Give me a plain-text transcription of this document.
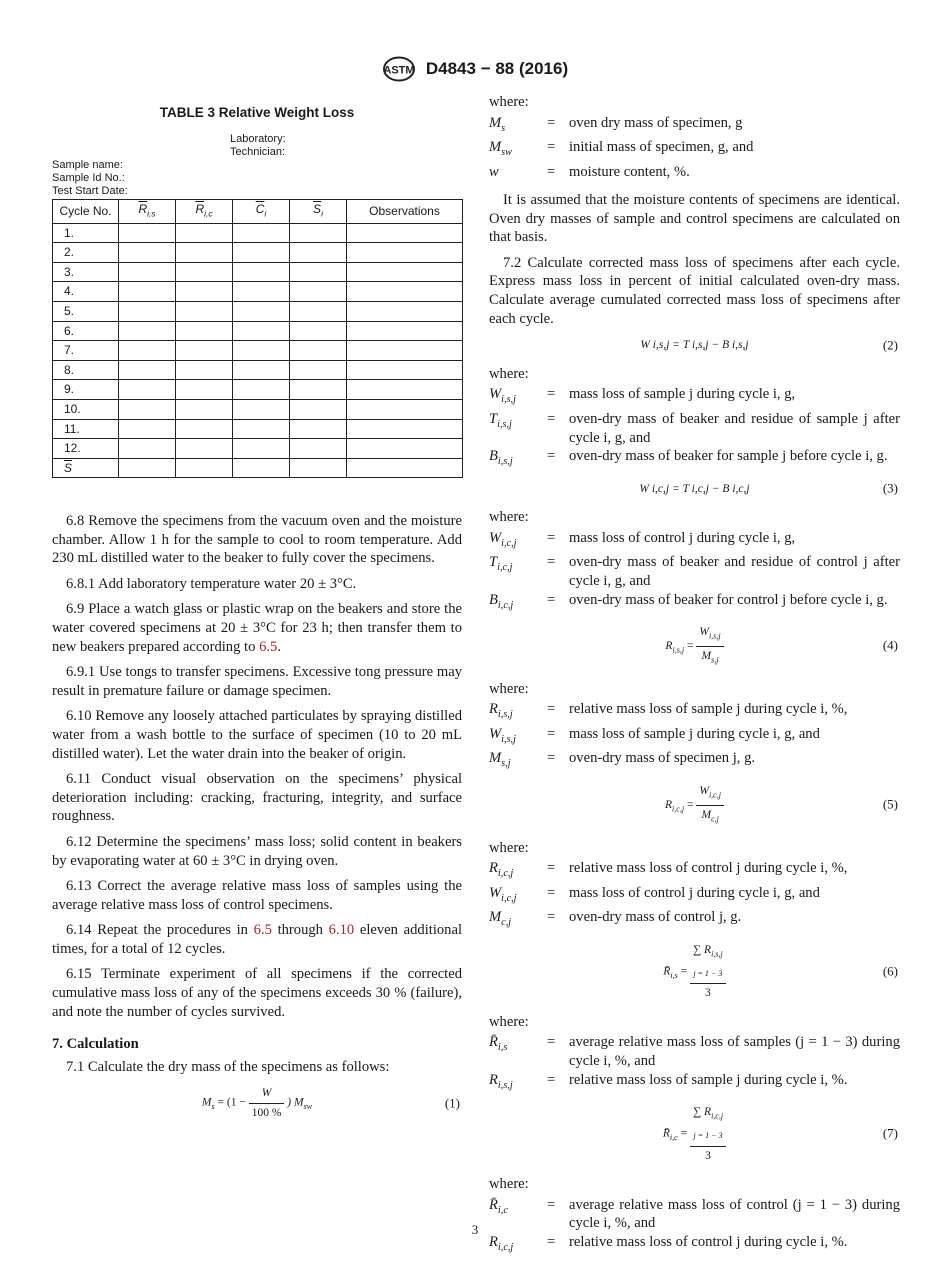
ASTM D4843 − 88 (2016)
TABLE 3 Relative Weight Loss
Laboratory:
Technician:
Sample name:
Sample Id No.:
Test Start Date:
Cycle No.	$\overline{R}_{i,s}$	$\overline{R}_{i,c}$	$\overline{C}_i$	$\overline{S}_i$	Observations
1.					
2.					
3.					
4.					
5.					
6.					
7.					
8.					
9.					
10.					
11.					
12.					
$\overline{S}$					

6.8 Remove the specimens from the vacuum oven and the moisture chamber. Allow 1 h for the sample to cool to room temperature. Add 230 mL distilled water to the beaker to fully cover the specimens.

6.8.1 Add laboratory temperature water 20 ± 3°C.

6.9 Place a watch glass or plastic wrap on the beakers and store the water covered specimens at 20 ± 3°C for 23 h; then transfer them to new beakers prepared according to 6.5.

6.9.1 Use tongs to transfer specimens. Excessive tong pressure may result in premature failure or damage specimen.

6.10 Remove any loosely attached particulates by spraying distilled water from a wash bottle to the surface of specimen (10 to 20 mL distilled water). Let the water drain into the beaker of origin.

6.11 Conduct visual observation on the specimens’ physical deterioration including: cracking, fracturing, integrity, and surface roughness.

6.12 Determine the specimens’ mass loss; solid content in beakers by evaporating water at 60 ± 3°C in drying oven.

6.13 Correct the average relative mass loss of samples using the average relative mass loss of control specimens.

6.14 Repeat the procedures in 6.5 through 6.10 eleven additional times, for a total of 12 cycles.

6.15 Terminate experiment of all specimens if the corrected cumulative mass loss of any of the specimens exceeds 30 % (failure), and note the number of cycles survived.

7. Calculation

7.1 Calculate the dry mass of the specimens as follows:

$M_s = (1 - \frac{W}{100 \%}$ ) $M_{sw}$	(1)
where:
$M_s$	= oven dry mass of specimen, g
$M_{sw}$	= initial mass of specimen, g, and
w	= moisture content, %.

It is assumed that the moisture contents of specimens are identical. Oven dry masses of sample and control specimens are calculated on that basis.

7.2 Calculate corrected mass loss of specimens after each cycle. Express mass loss in percent of initial calculated oven-dry mass. Calculate average cumulated corrected mass loss of specimens after each cycle.

W i,s,j = T i,s,j − B i,s,j	(2)
where:
$W_{i,s,j}$	= mass loss of sample j during cycle i, g,
$T_{i,s,j}$	= oven-dry mass of beaker and residue of sample j after cycle i, g, and
$B_{i,s,j}$	= oven-dry mass of beaker for sample j before cycle i, g.
W i,c,j = T i,c,j − B i,c,j	(3)
where:
$W_{i,c,j}$	= mass loss of control j during cycle i, g,
$T_{i,c,j}$	= oven-dry mass of beaker and residue of control j after cycle i, g, and
$B_{i,c,j}$	= oven-dry mass of beaker for control j before cycle i, g.
$R_{i,s,j} = \frac{W_{i,s,j}}{M_{s,j}}$	(4)
where:
$R_{i,s,j}$	= relative mass loss of sample j during cycle i, %,
$W_{i,s,j}$	= mass loss of sample j during cycle i, g, and
$M_{s,j}$	= oven-dry mass of specimen j, g.
$R_{i,c,j} = \frac{W_{i,c,j}}{M_{c,j}}$	(5)
where:
$R_{i,c,j}$	= relative mass loss of control j during cycle i, %,
$W_{i,c,j}$	= mass loss of control j during cycle i, g, and
$M_{c,j}$	= oven-dry mass of control j, g.
$R̄_{i,s}$ =
∑ $R_{i,s,j}$
j = 1 − 3
3
(6)
where:
$R̄_{i,s}$	= average relative mass loss of samples (j = 1 − 3) during cycle i, %, and
$R_{i,s,j}$	= relative mass loss of sample j during cycle i, %.
$R̄_{i,c}$ =
∑ $R_{i,c,j}$
j = 1 − 3
3
(7)
where:
$R̄_{i,c}$	= average relative mass loss of control (j = 1 − 3) during cycle i, %, and
$R_{i,c,j}$	= relative mass loss of control j during cycle i, %.
3
